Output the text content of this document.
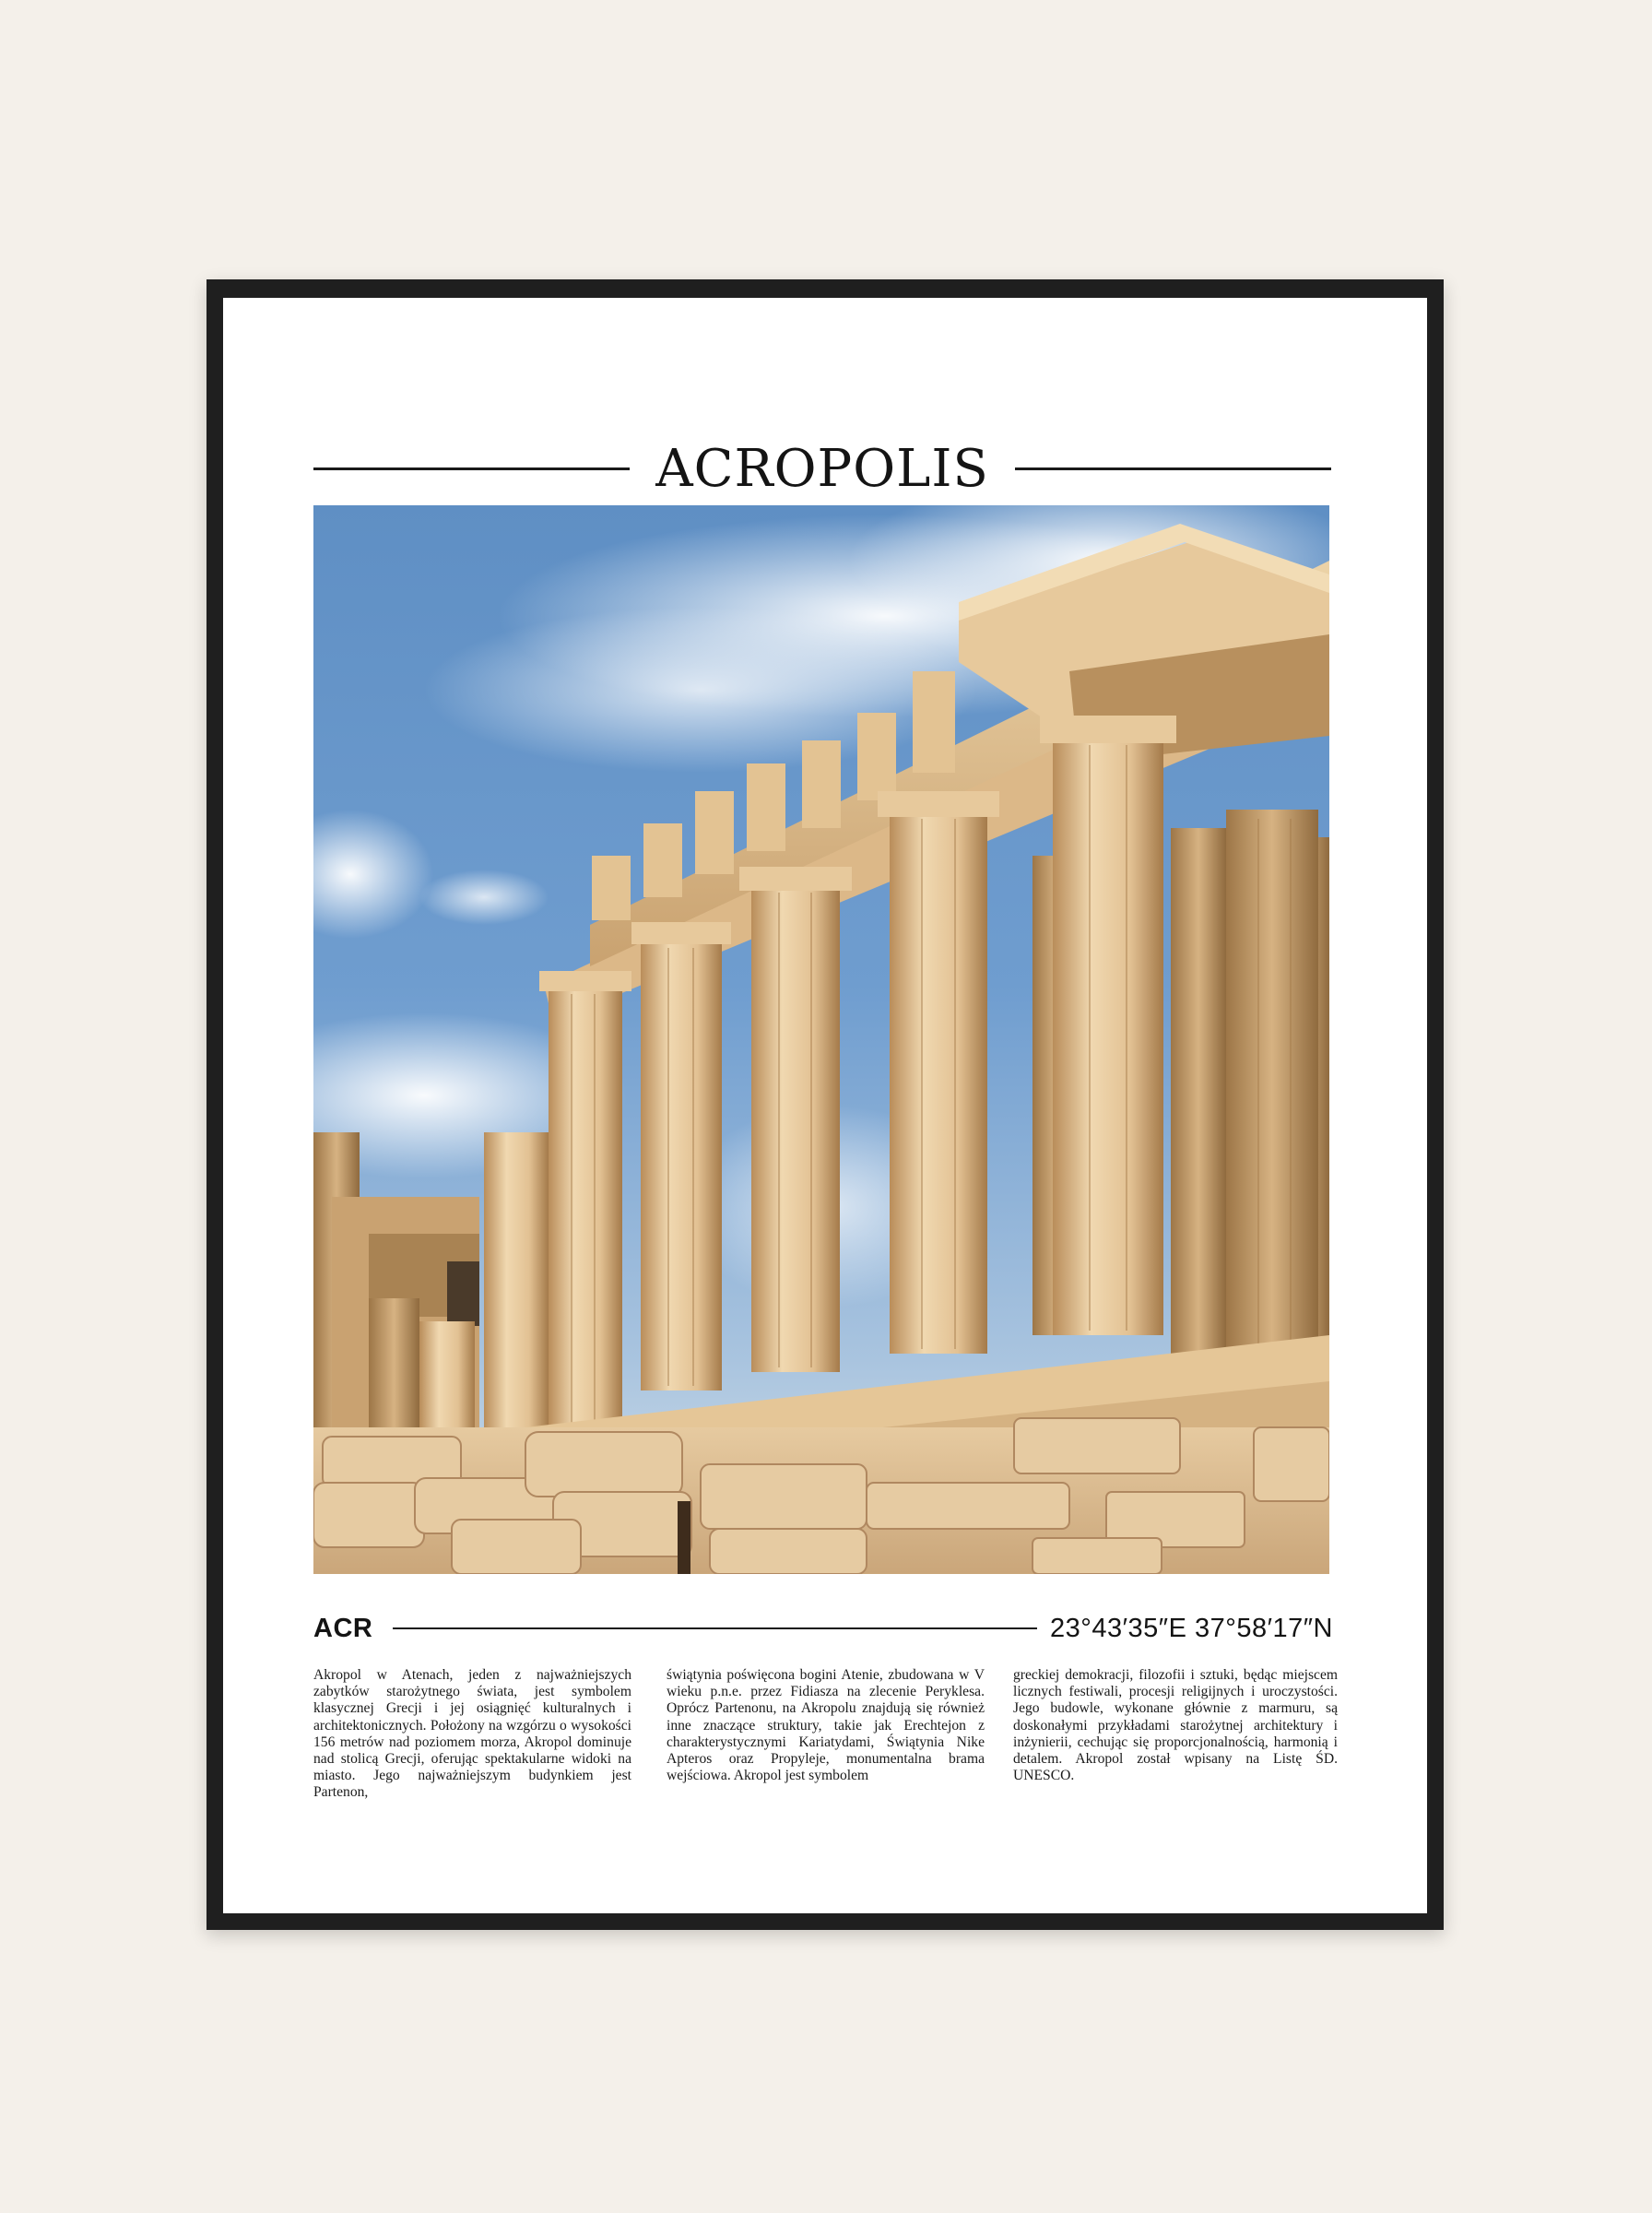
ACROPOLIS
ACR	23°43′35″E 37°58′17″N
Akropol w Atenach, jeden z najważniejszych zabytków starożytnego świata, jest symbolem klasycznej Grecji i jej osiągnięć kulturalnych i architektonicznych. Położony na wzgórzu o wysokości 156 metrów nad poziomem morza, Akropol dominuje nad stolicą Grecji, oferując spektakularne widoki na miasto. Jego najważniejszym budynkiem jest Partenon,
świątynia poświęcona bogini Atenie, zbudowana w V wieku p.n.e. przez Fidiasza na zlecenie Peryklesa. Oprócz Partenonu, na Akropolu znajdują się również inne znaczące struktury, takie jak Erechtejon z charakterystycznymi Kariatydami, Świątynia Nike Apteros oraz Propyleje, monumentalna brama wejściowa. Akropol jest symbolem
greckiej demokracji, filozofii i sztuki, będąc miejscem licznych festiwali, procesji religijnych i uroczystości. Jego budowle, wykonane głównie z marmuru, są doskonałymi przykładami starożytnej architektury i inżynierii, cechując się proporcjonalnością, harmonią i detalem. Akropol został wpisany na Listę ŚD. UNESCO.
